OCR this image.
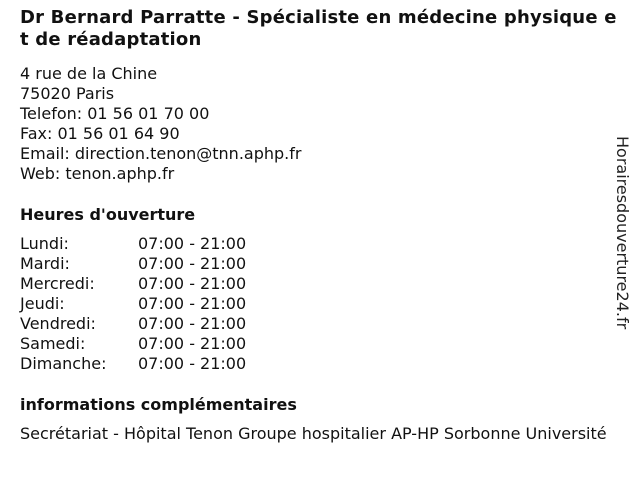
Dr Bernard Parratte - Spécialiste en médecine physique et de réadaptation
4 rue de la Chine
75020 Paris
Telefon: 01 56 01 70 00
Fax: 01 56 01 64 90
Email: direction.tenon@tnn.aphp.fr
Web: tenon.aphp.fr
Heures d'ouverture
Lundi:	07:00 - 21:00
Mardi:	07:00 - 21:00
Mercredi:	07:00 - 21:00
Jeudi:	07:00 - 21:00
Vendredi:	07:00 - 21:00
Samedi:	07:00 - 21:00
Dimanche:	07:00 - 21:00
informations complémentaires
Secrétariat - Hôpital Tenon Groupe hospitalier AP-HP Sorbonne Université
Horairesdouverture24.fr
